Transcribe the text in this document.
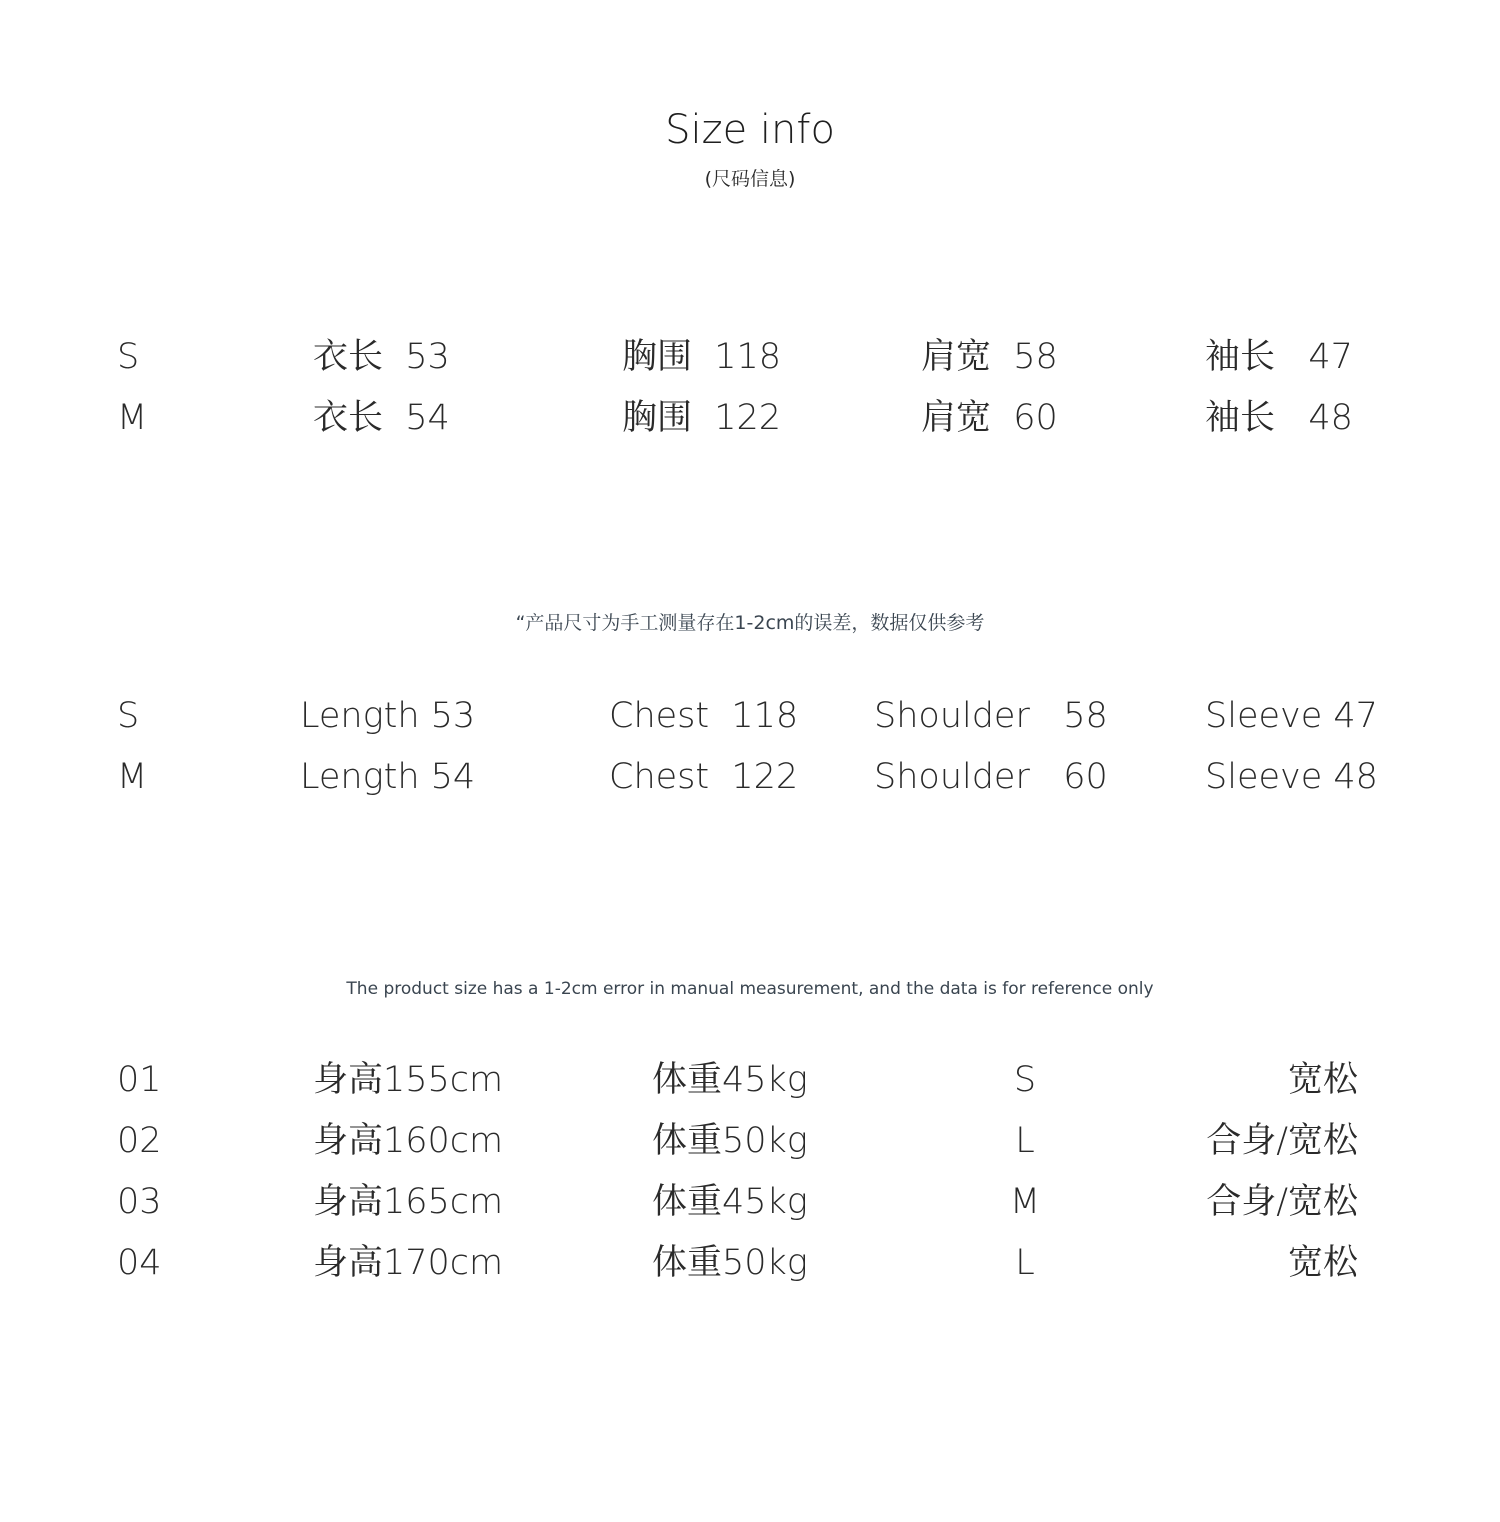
Size info
(尺码信息)
S	衣长  53	胸围  118	肩宽  58	袖长   47
M	衣长  54	胸围  122	肩宽  60	袖长   48
“产品尺寸为手工测量存在1-2cm的误差，数据仅供参考
S	Length 53	Chest  118 Shoulder   58	Sleeve 47
M	Length 54	Chest  122 Shoulder   60	Sleeve 48
The product size has a 1-2cm error in manual measurement, and the data is for reference only
01	身高155cm	体重45kg	S	宽松
02	身高160cm	体重50kg	L	合身/宽松
03	身高165cm	体重45kg	M	合身/宽松
04	身高170cm	体重50kg	L	宽松
